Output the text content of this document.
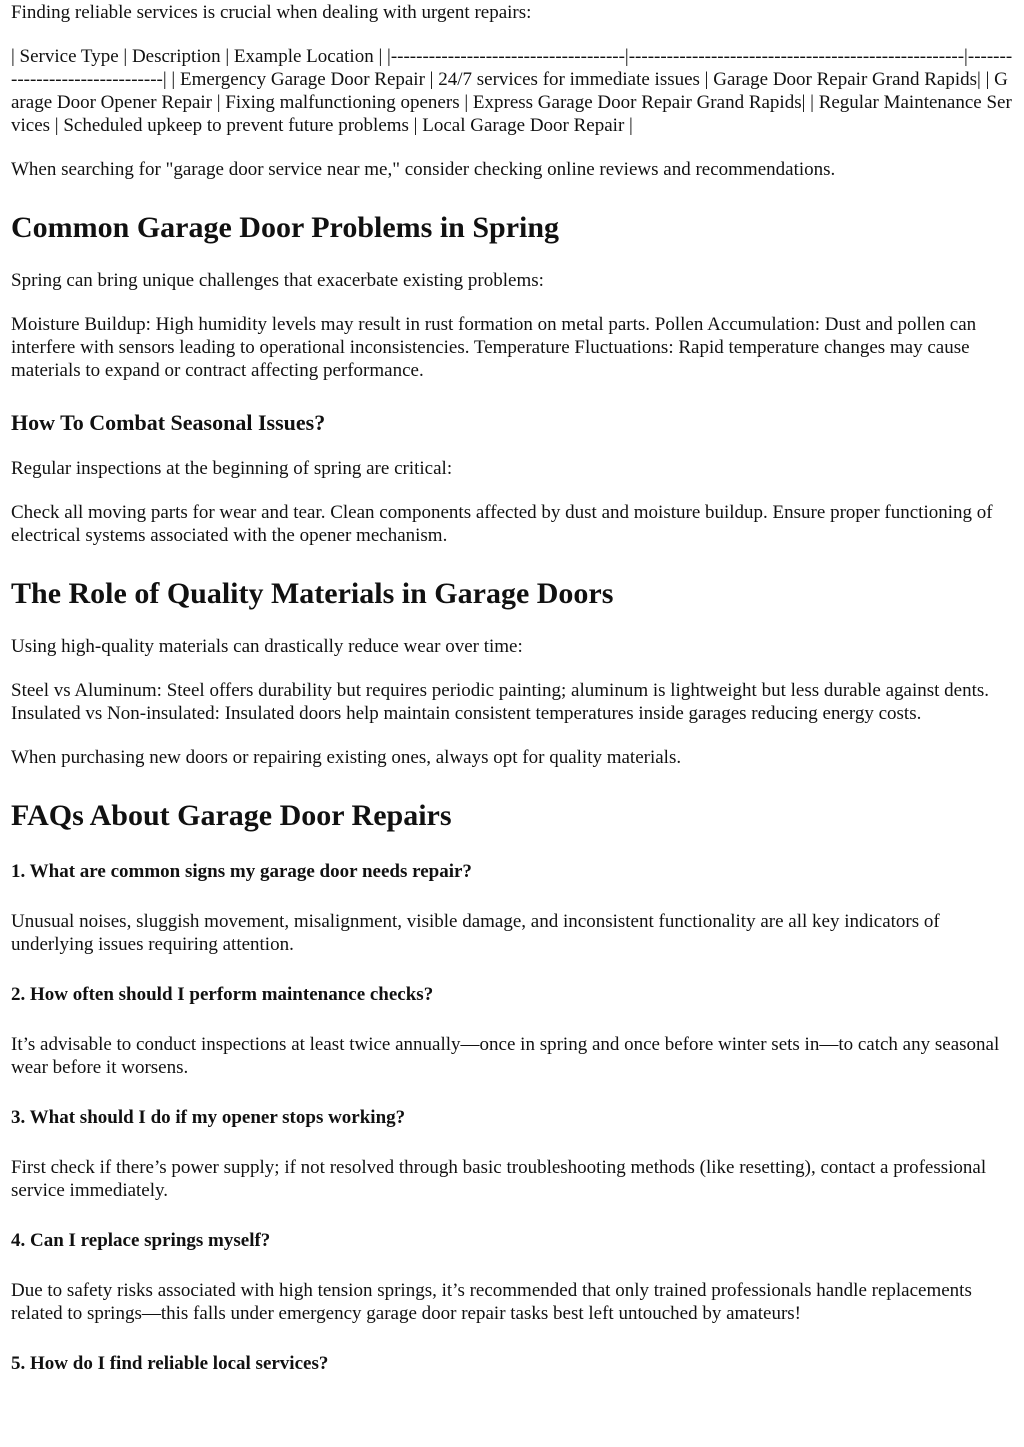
Finding reliable services is crucial when dealing with urgent repairs:

| Service Type | Description | Example Location | |-------------------------------------|-----------------------------------------------------|-------------------------------| | Emergency Garage Door Repair | 24/7 services for immediate issues | Garage Door Repair Grand Rapids| | Garage Door Opener Repair | Fixing malfunctioning openers | Express Garage Door Repair Grand Rapids| | Regular Maintenance Services | Scheduled upkeep to prevent future problems | Local Garage Door Repair |

When searching for "garage door service near me," consider checking online reviews and recommendations.

Common Garage Door Problems in Spring

Spring can bring unique challenges that exacerbate existing problems:

Moisture Buildup: High humidity levels may result in rust formation on metal parts. Pollen Accumulation: Dust and pollen can interfere with sensors leading to operational inconsistencies. Temperature Fluctuations: Rapid temperature changes may cause materials to expand or contract affecting performance.

How To Combat Seasonal Issues?

Regular inspections at the beginning of spring are critical:

Check all moving parts for wear and tear. Clean components affected by dust and moisture buildup. Ensure proper functioning of electrical systems associated with the opener mechanism.

The Role of Quality Materials in Garage Doors

Using high-quality materials can drastically reduce wear over time:

Steel vs Aluminum: Steel offers durability but requires periodic painting; aluminum is lightweight but less durable against dents. Insulated vs Non-insulated: Insulated doors help maintain consistent temperatures inside garages reducing energy costs.

When purchasing new doors or repairing existing ones, always opt for quality materials.

FAQs About Garage Door Repairs
1. What are common signs my garage door needs repair?

Unusual noises, sluggish movement, misalignment, visible damage, and inconsistent functionality are all key indicators of underlying issues requiring attention.

2. How often should I perform maintenance checks?

It’s advisable to conduct inspections at least twice annually—once in spring and once before winter sets in—to catch any seasonal wear before it worsens.

3. What should I do if my opener stops working?

First check if there’s power supply; if not resolved through basic troubleshooting methods (like resetting), contact a professional service immediately.

4. Can I replace springs myself?

Due to safety risks associated with high tension springs, it’s recommended that only trained professionals handle replacements related to springs—this falls under emergency garage door repair tasks best left untouched by amateurs!

5. How do I find reliable local services?
